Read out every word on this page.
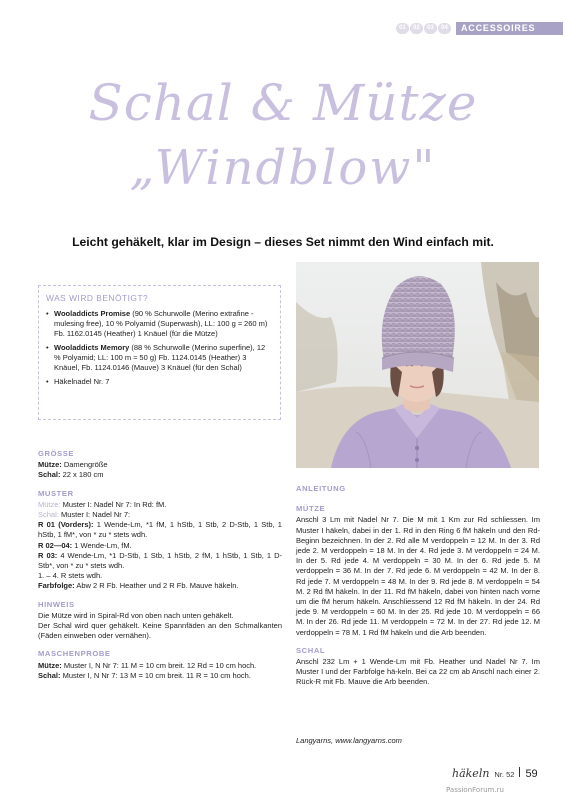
01	02	03	04	ACCESSOIRES
Schal & Mütze
„Windblow"
Leicht gehäkelt, klar im Design – dieses Set nimmt den Wind einfach mit.
WAS WIRD BENÖTIGT?
• Wooladdicts Promise (90 % Schurwolle (Merino extrafine - mulesing free), 10 % Polyamid (Superwash), LL: 100 g ≈ 260 m) Fb. 1162.0145 (Heather) 1 Knäuel (für die Mütze)
• Wooladdicts Memory (88 % Schurwolle (Merino superfine), 12 % Polyamid; LL: 100 m ≈ 50 g) Fb. 1124.0145 (Heather) 3 Knäuel, Fb. 1124.0146 (Mauve) 3 Knäuel (für den Schal)
• Häkelnadel Nr. 7
GRÖSSE
Mütze: Damengröße
Schal: 22 x 180 cm
MUSTER
Mütze: Muster I: Nadel Nr 7: In Rd: fM.
Schal: Muster I: Nadel Nr 7:
R 01 (Vorders): 1 Wende-Lm, *1 fM, 1 hStb, 1 Stb, 2 D-Stb, 1 Stb, 1 hStb, 1 fM*, von * zu * stets wdh.
R 02—04: 1 Wende-Lm, fM.
R 03: 4 Wende-Lm, *1 D-Stb, 1 Stb, 1 hStb, 2 fM, 1 hStb, 1 Stb, 1 D-Stb*, von * zu * stets wdh.
1. – 4. R stets wdh.
Farbfolge: Abw 2 R Fb. Heather und 2 R Fb. Mauve häkeln.
HINWEIS
Die Mütze wird in Spiral-Rd von oben nach unten gehäkelt.
Der Schal wird quer gehäkelt. Keine Spannfäden an den Schmalkanten (Fäden einweben oder vernähen).
MASCHENPROBE
Mütze: Muster I, N Nr 7: 11 M = 10 cm breit. 12 Rd = 10 cm hoch.
Schal: Muster I, N Nr 7: 13 M = 10 cm breit. 11 R = 10 cm hoch.
ANLEITUNG
MÜTZE
Anschl 3 Lm mit Nadel Nr 7. Die M mit 1 Km zur Rd schliessen. Im Muster I häkeln, dabei in der 1. Rd in den Ring 6 fM häkeln und den Rd-Beginn bezeichnen. In der 2. Rd alle M verdoppeln = 12 M. In der 3. Rd jede 2. M verdoppeln = 18 M. In der 4. Rd jede 3. M verdoppeln = 24 M. In der 5. Rd jede 4. M verdoppeln = 30 M. In der 6. Rd jede 5. M verdoppeln = 36 M. In der 7. Rd jede 6. M verdoppeln = 42 M. In der 8. Rd jede 7. M verdoppeln = 48 M. In der 9. Rd jede 8. M verdoppeln = 54 M. 2 Rd fM häkeln. In der 11. Rd fM häkeln, dabei von hinten nach vorne um die fM herum häkeln. Anschliessend 12 Rd fM häkeln. In der 24. Rd jede 9. M verdoppeln = 60 M. In der 25. Rd jede 10. M verdoppeln = 66 M. In der 26. Rd jede 11. M verdoppeln = 72 M. In der 27. Rd jede 12. M verdoppeln = 78 M. 1 Rd fM häkeln und die Arb beenden.
SCHAL
Anschl 232 Lm + 1 Wende-Lm mit Fb. Heather und Nadel Nr 7. Im Muster I und der Farbfolge hä-keln. Bei ca 22 cm ab Anschl nach einer 2. Rück-R mit Fb. Mauve die Arb beenden.
Langyarns, www.langyarns.com
häkeln Nr. 52 59
PassionForum.ru
